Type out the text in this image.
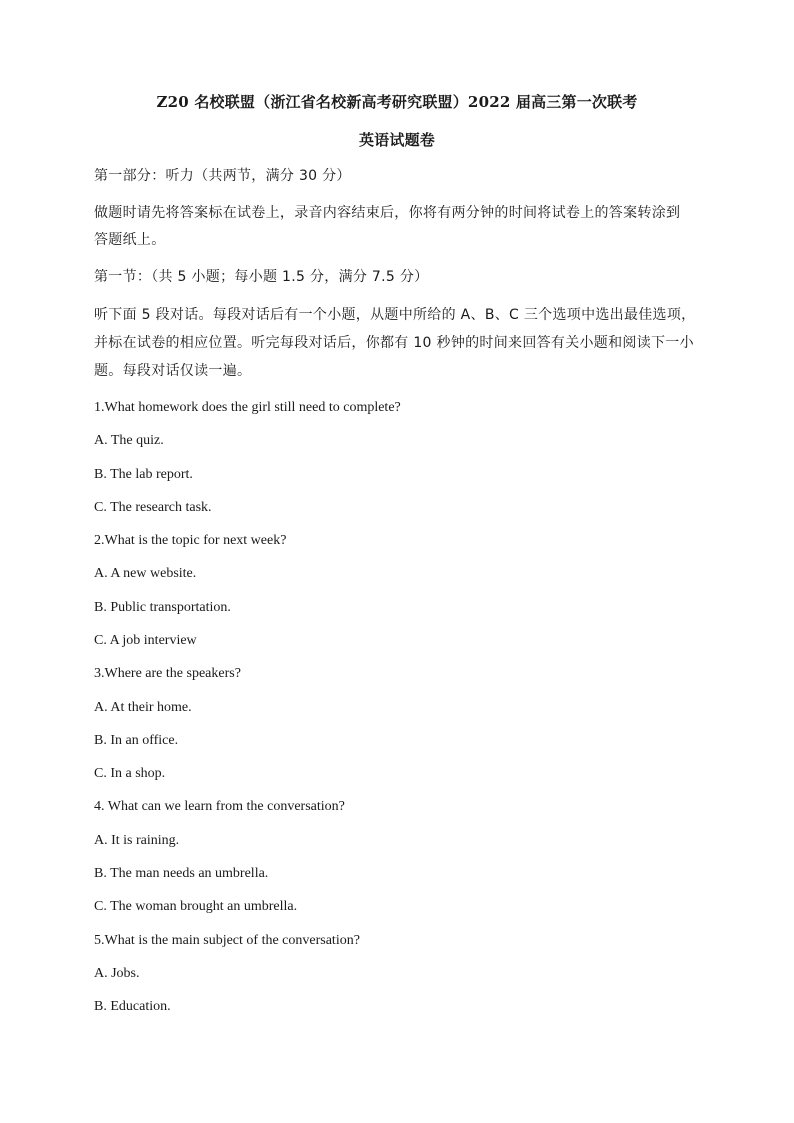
Z20 名校联盟（浙江省名校新高考研究联盟）2022 届高三第一次联考
英语试题卷
第一部分：听力（共两节，满分 30 分）
做题时请先将答案标在试卷上，录音内容结束后，你将有两分钟的时间将试卷上的答案转涂到
答题纸上。
第一节：（共 5 小题；每小题 1.5 分，满分 7.5 分）
听下面 5 段对话。每段对话后有一个小题，从题中所给的 A、B、C 三个选项中选出最佳选项，
并标在试卷的相应位置。听完每段对话后，你都有 10 秒钟的时间来回答有关小题和阅读下一小
题。每段对话仅读一遍。
1.What homework does the girl still need to complete?
A. The quiz.
B. The lab report.
C. The research task.
2.What is the topic for next week?
A. A new website.
B. Public transportation.
C. A job interview
3.Where are the speakers?
A. At their home.
B. In an office.
C. In a shop.
4. What can we learn from the conversation?
A. It is raining.
B. The man needs an umbrella.
C. The woman brought an umbrella.
5.What is the main subject of the conversation?
A. Jobs.
B. Education.
